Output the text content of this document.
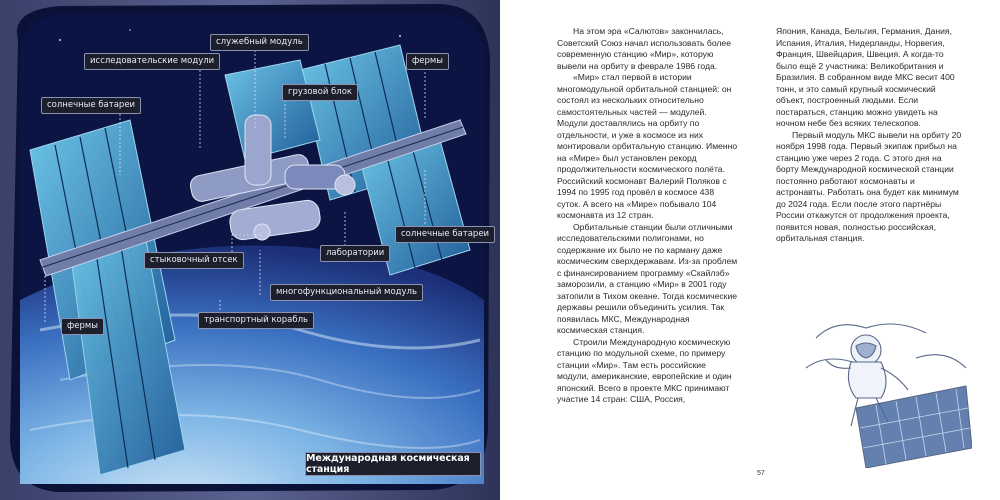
служебный модуль
исследовательские модули	фермы
грузовой блок
солнечные батареи
лаборатории
солнечные батареи
стыковочный отсек
многофункциональный модуль
фермы
транспортный корабль
Международная космическая станция

На этом эра «Салютов» закончилась, Советский Союз начал использовать более современную станцию «Мир», которую вывели на орбиту в феврале 1986 года.

«Мир» стал первой в истории многомодульной орбитальной станцией: он состоял из нескольких относительно самостоятельных частей — модулей. Модули доставлялись на орбиту по отдельности, и уже в космосе из них монтировали орбитальную станцию. Именно на «Мире» был установлен рекорд продолжительности космического полёта. Российский космонавт Валерий Поляков с 1994 по 1995 год провёл в космосе 438 суток. А всего на «Мире» побывало 104 космонавта из 12 стран.

Орбитальные станции были отличными исследовательскими полигонами, но содержание их было не по карману даже космическим сверхдержавам. Из-за проблем с финансированием программу «Скайлэб» заморозили, а станцию «Мир» в 2001 году затопили в Тихом океане. Тогда космические державы решили объединить усилия. Так появилась МКС, Международная космическая станция.

Строили Международную космическую станцию по модульной схеме, по примеру станции «Мир». Там есть российские модули, американские, европейские и один японский. Всего в проекте МКС принимают участие 14 стран: США, Россия,

Япония, Канада, Бельгия, Германия, Дания, Испания, Италия, Нидерланды, Норвегия, Франция, Швейцария, Швеция. А когда-то было ещё 2 участника: Великобритания и Бразилия. В собранном виде МКС весит 400 тонн, и это самый крупный космический объект, построенный людьми. Если постараться, станцию можно увидеть на ночном небе без всяких телескопов.

Первый модуль МКС вывели на орбиту 20 ноября 1998 года. Первый экипаж прибыл на станцию уже через 2 года. С этого дня на борту Международной космической станции постоянно работают космонавты и астронавты. Работать она будет как минимум до 2024 года. Если после этого партнёры России откажутся от продолжения проекта, появится новая, полностью российская, орбитальная станция.

57
